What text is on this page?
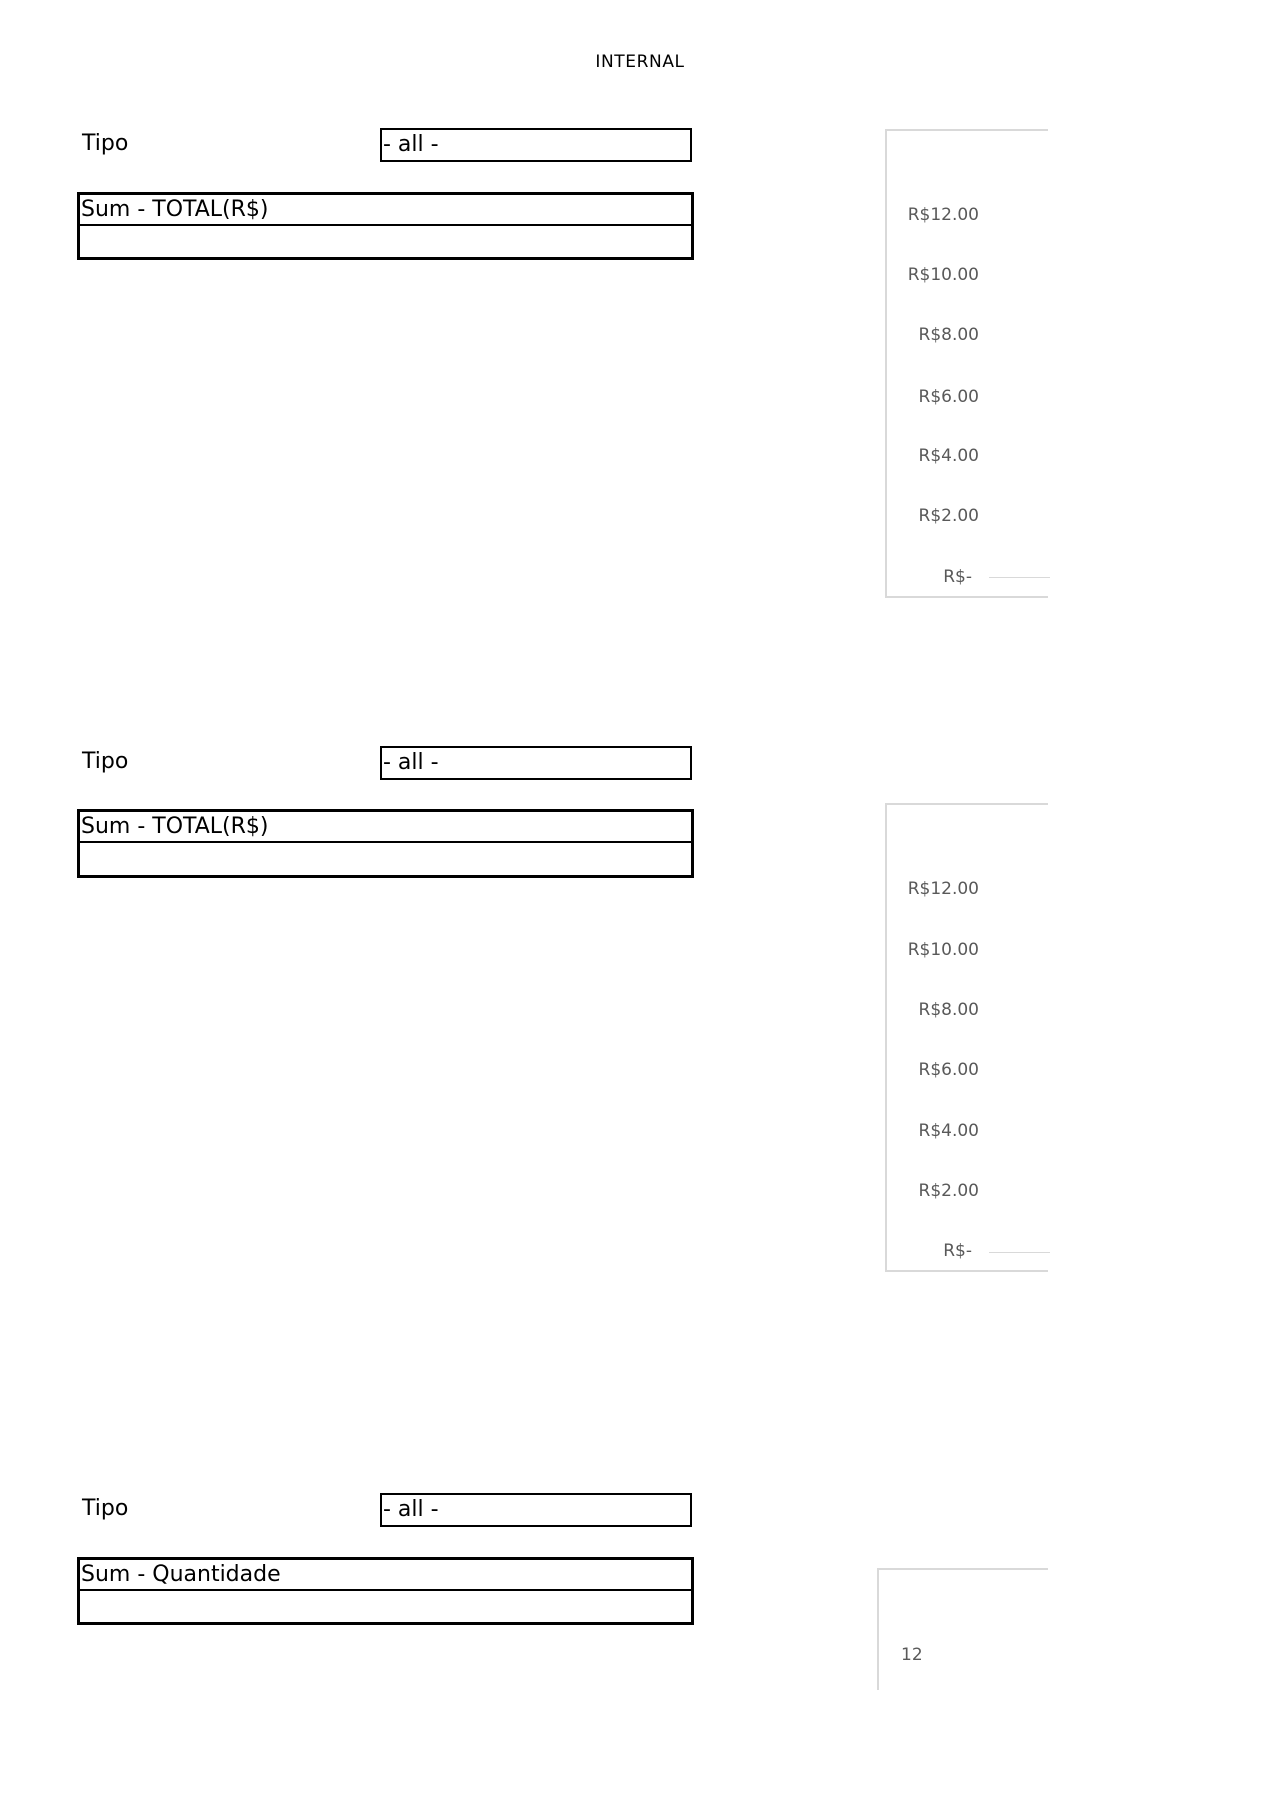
INTERNAL
Tipo	- all -
Sum - TOTAL(R$)	R$12.00
R$10.00
R$8.00
R$6.00
R$4.00
R$2.00
R$-
Tipo	- all -
Sum - TOTAL(R$)
R$12.00
R$10.00
R$8.00
R$6.00
R$4.00
R$2.00
R$-
Tipo	- all -
Sum - Quantidade
12
